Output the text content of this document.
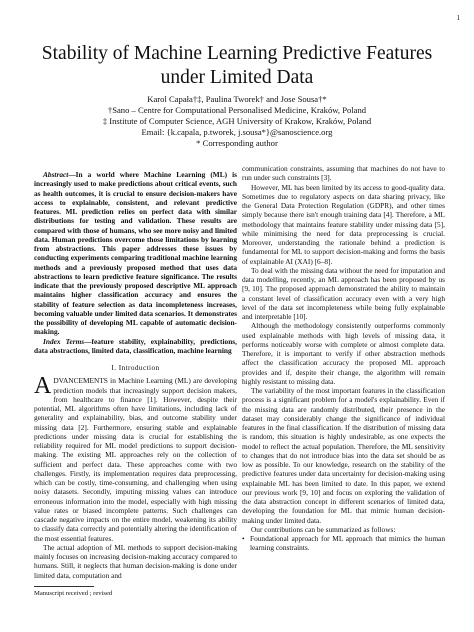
1
Stability of Machine Learning Predictive Features
under Limited Data
Karol Capała†‡, Paulina Tworek† and Jose Sousa†*
†Sano – Centre for Computational Personalised Medicine, Kraków, Poland
‡ Institute of Computer Science, AGH University of Krakow, Kraków, Poland
Email: {k.capala, p.tworek, j.sousa*}@sanoscience.org
* Corresponding author

Abstract—In a world where Machine Learning (ML) is increasingly used to make predictions about critical events, such as health outcomes, it is crucial to ensure decision-makers have access to explainable, consistent, and relevant predictive features. ML prediction relies on perfect data with similar distributions for testing and validation. These results are compared with those of humans, who see more noisy and limited data. Human predictions overcome those limitations by learning from abstractions. This paper addresses these issues by conducting experiments comparing traditional machine learning methods and a previously proposed method that uses data abstractions to learn predictive feature significance. The results indicate that the previously proposed descriptive ML approach maintains higher classification accuracy and ensures the stability of feature selection as data incompleteness increases, becoming valuable under limited data scenarios. It demonstrates the possibility of developing ML capable of automatic decision-making.

Index Terms—feature stability, explainability, predictions, data abstractions, limited data, classification, machine learning

I. Introduction

ADVANCEMENTS in Machine Learning (ML) are developing prediction models that increasingly support decision makers, from healthcare to finance [1]. However, despite their potential, ML algorithms often have limitations, including lack of generality and explainability, bias, and outcome stability under missing data [2]. Furthermore, ensuring stable and explainable predictions under missing data is crucial for establishing the reliability required for ML model predictions to support decision-making. The existing ML approaches rely on the collection of sufficient and perfect data. These approaches come with two challenges. Firstly, its implementation requires data preprocessing, which can be costly, time-consuming, and challenging when using noisy datasets. Secondly, imputing missing values can introduce erroneous information into the model, especially with high missing value rates or biased incomplete patterns. Such challenges can cascade negative impacts on the entire model, weakening its ability to classify data correctly and potentially altering the identification of the most essential features.

The actual adoption of ML methods to support decision-making mainly focuses on increasing decision-making accuracy compared to humans. Still, it neglects that human decision-making is done under limited data, computation and

Manuscript received ; revised

communication constraints, assuming that machines do not have to run under such constraints [3].

However, ML has been limited by its access to good-quality data. Sometimes due to regulatory aspects on data sharing privacy, like the General Data Protection Regulation (GDPR), and other times simply because there isn't enough training data [4]. Therefore, a ML methodology that maintains feature stability under missing data [5], while minimising the need for data preprocessing is crucial. Moreover, understanding the rationale behind a prediction is fundamental for ML to support decision-making and forms the basis of explainable AI (XAI) [6–8].

To deal with the missing data without the need for imputation and data modelling, recently, an ML approach has been proposed by us [9, 10]. The proposed approach demonstrated the ability to maintain a constant level of classification accuracy even with a very high level of the data set incompleteness while being fully explainable and interpretable [10].

Although the methodology consistently outperforms commonly used explainable methods with high levels of missing data, it performs noticeably worse with complete or almost complete data. Therefore, it is important to verify if other abstraction methods affect the classification accuracy the proposed ML approach provides and if, despite their change, the algorithm will remain highly resistant to missing data.

The variability of the most important features in the classification process is a significant problem for a model's explainability. Even if the missing data are randomly distributed, their presence in the dataset may considerably change the significance of individual features in the final classification. If the distribution of missing data is random, this situation is highly undesirable, as one expects the model to reflect the actual population. Therefore, the ML sensitivity to changes that do not introduce bias into the data set should be as low as possible. To our knowledge, research on the stability of the predictive features under data uncertainty for decision-making using explainable ML has been limited to date. In this paper, we extend our previous work [9, 10] and focus on exploring the validation of the data abstraction concept in different scenarios of limited data, developing the foundation for ML that mimic human decision-making under limited data.

Our contributions can be summarized as follows:

• Foundational approach for ML approach that mimics the human learning constraints.
